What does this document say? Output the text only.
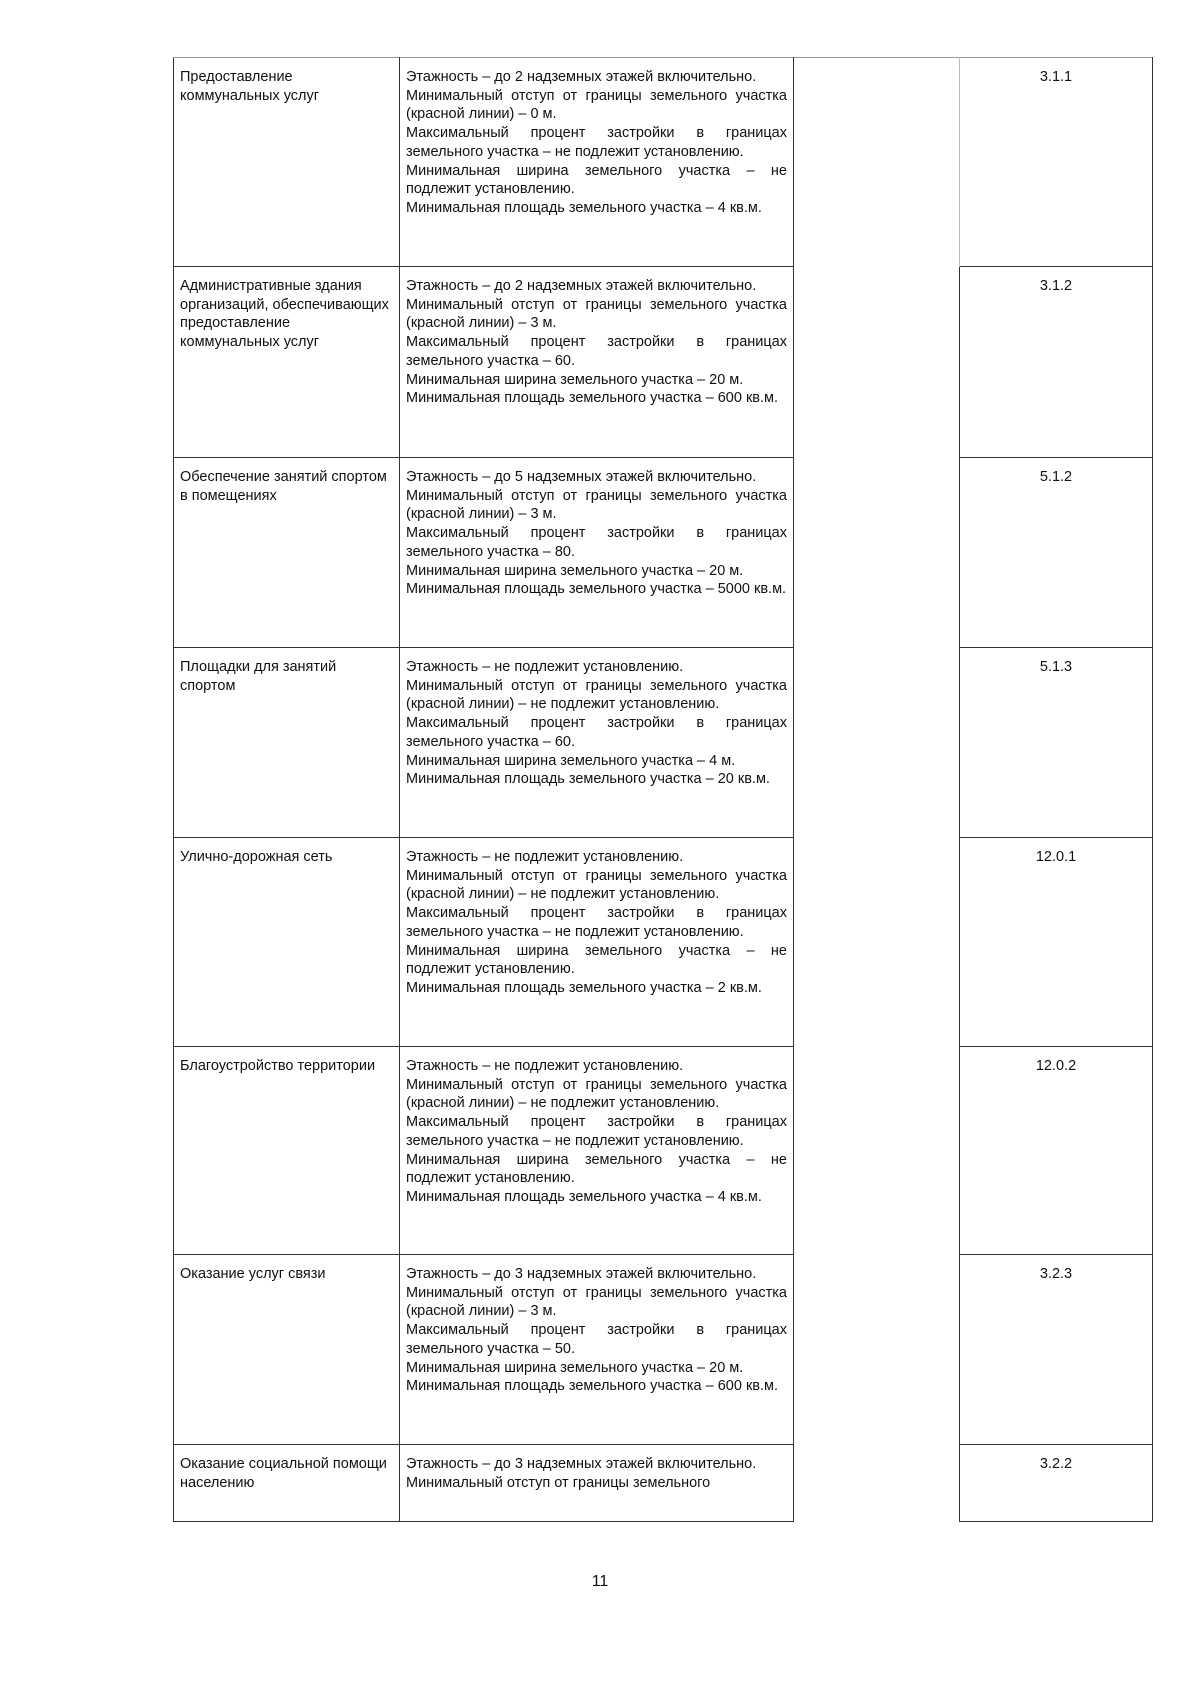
Предоставление коммунальных услуг	Этажность – до 2 надземных этажей включительно.
Минимальный отступ от границы земельного участка (красной линии) – 0 м.
Максимальный процент застройки в границах земельного участка – не подлежит установлению.
Минимальная ширина земельного участка – не подлежит установлению.
Минимальная площадь земельного участка – 4 кв.м.		3.1.1
Административные здания организаций, обеспечивающих предоставление коммунальных услуг	Этажность – до 2 надземных этажей включительно.
Минимальный отступ от границы земельного участка (красной линии) – 3 м.
Максимальный процент застройки в границах земельного участка – 60.
Минимальная ширина земельного участка – 20 м.
Минимальная площадь земельного участка – 600 кв.м.		3.1.2
Обеспечение занятий спортом в помещениях	Этажность – до 5 надземных этажей включительно.
Минимальный отступ от границы земельного участка (красной линии) – 3 м.
Максимальный процент застройки в границах земельного участка – 80.
Минимальная ширина земельного участка – 20 м.
Минимальная площадь земельного участка – 5000 кв.м.		5.1.2
Площадки для занятий спортом	Этажность – не подлежит установлению.
Минимальный отступ от границы земельного участка (красной линии) – не подлежит установлению.
Максимальный процент застройки в границах земельного участка – 60.
Минимальная ширина земельного участка – 4 м.
Минимальная площадь земельного участка – 20 кв.м.		5.1.3
Улично-дорожная сеть	Этажность – не подлежит установлению.
Минимальный отступ от границы земельного участка (красной линии) – не подлежит установлению.
Максимальный процент застройки в границах земельного участка – не подлежит установлению.
Минимальная ширина земельного участка – не подлежит установлению.
Минимальная площадь земельного участка – 2 кв.м.		12.0.1
Благоустройство территории	Этажность – не подлежит установлению.
Минимальный отступ от границы земельного участка (красной линии) – не подлежит установлению.
Максимальный процент застройки в границах земельного участка – не подлежит установлению.
Минимальная ширина земельного участка – не подлежит установлению.
Минимальная площадь земельного участка – 4 кв.м.		12.0.2
Оказание услуг связи	Этажность – до 3 надземных этажей включительно.
Минимальный отступ от границы земельного участка (красной линии) – 3 м.
Максимальный процент застройки в границах земельного участка – 50.
Минимальная ширина земельного участка – 20 м.
Минимальная площадь земельного участка – 600 кв.м.		3.2.3
Оказание социальной помощи населению	Этажность – до 3 надземных этажей включительно.
Минимальный отступ от границы земельного		3.2.2
11
